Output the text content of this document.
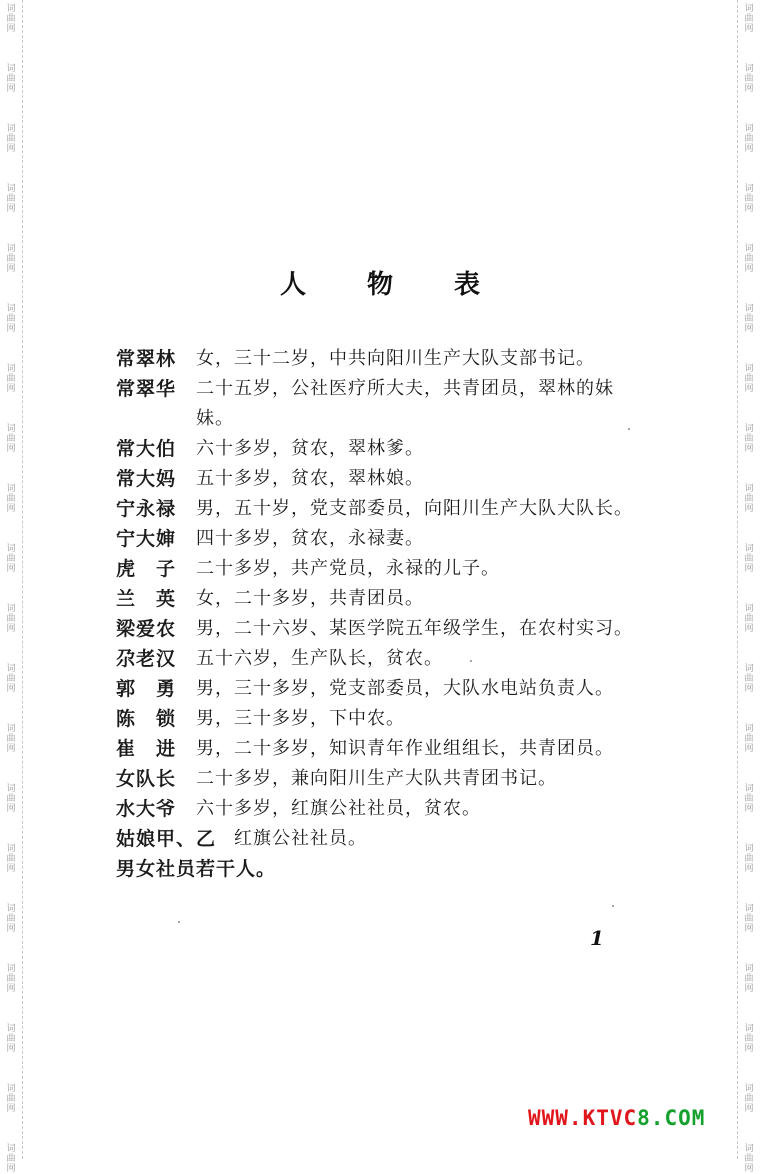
词
曲
网
词
曲
网
词
曲
网
词
曲
网
词
曲
网
词
曲
网
词
曲
网
词
曲
网
词
曲
网
词
曲
网
词
曲
网
词
曲
网
词
曲
网
词
曲
网
词
曲
网
词
曲
网
词
曲
网
词
曲
网
词
曲
网
词
曲
网
词
曲
网
词
曲
网
词
曲
网
词
曲
网
词
曲
网
词
曲
网
词
曲
网
词
曲
网
词
曲
网
词
曲
网
词
曲
网
词
曲
网
词
曲
网
词
曲
网
词
曲
网
词
曲
网
词
曲
网
词
曲
网
词
曲
网
词
曲
网
人 物 表
常翠林	女，三十二岁，中共向阳川生产大队支部书记。
常翠华	二十五岁，公社医疗所大夫，共青团员，翠林的妹妹。
常大伯	六十多岁，贫农，翠林爹。
常大妈	五十多岁，贫农，翠林娘。
宁永禄	男，五十岁，党支部委员，向阳川生产大队大队长。
宁大婶	四十多岁，贫农，永禄妻。
虎　子	二十多岁，共产党员，永禄的儿子。
兰　英	女，二十多岁，共青团员。
梁爱农	男，二十六岁、某医学院五年级学生，在农村实习。
尕老汉	五十六岁，生产队长，贫农。
郭　勇	男，三十多岁，党支部委员，大队水电站负责人。
陈　锁	男，三十多岁，下中农。
崔　进	男，二十多岁，知识青年作业组组长，共青团员。
女队长	二十多岁，兼向阳川生产大队共青团书记。
水大爷	六十多岁，红旗公社社员，贫农。
姑娘甲、乙 红旗公社社员。
男女社员若干人。
1
WWW.KTVC8.COM
